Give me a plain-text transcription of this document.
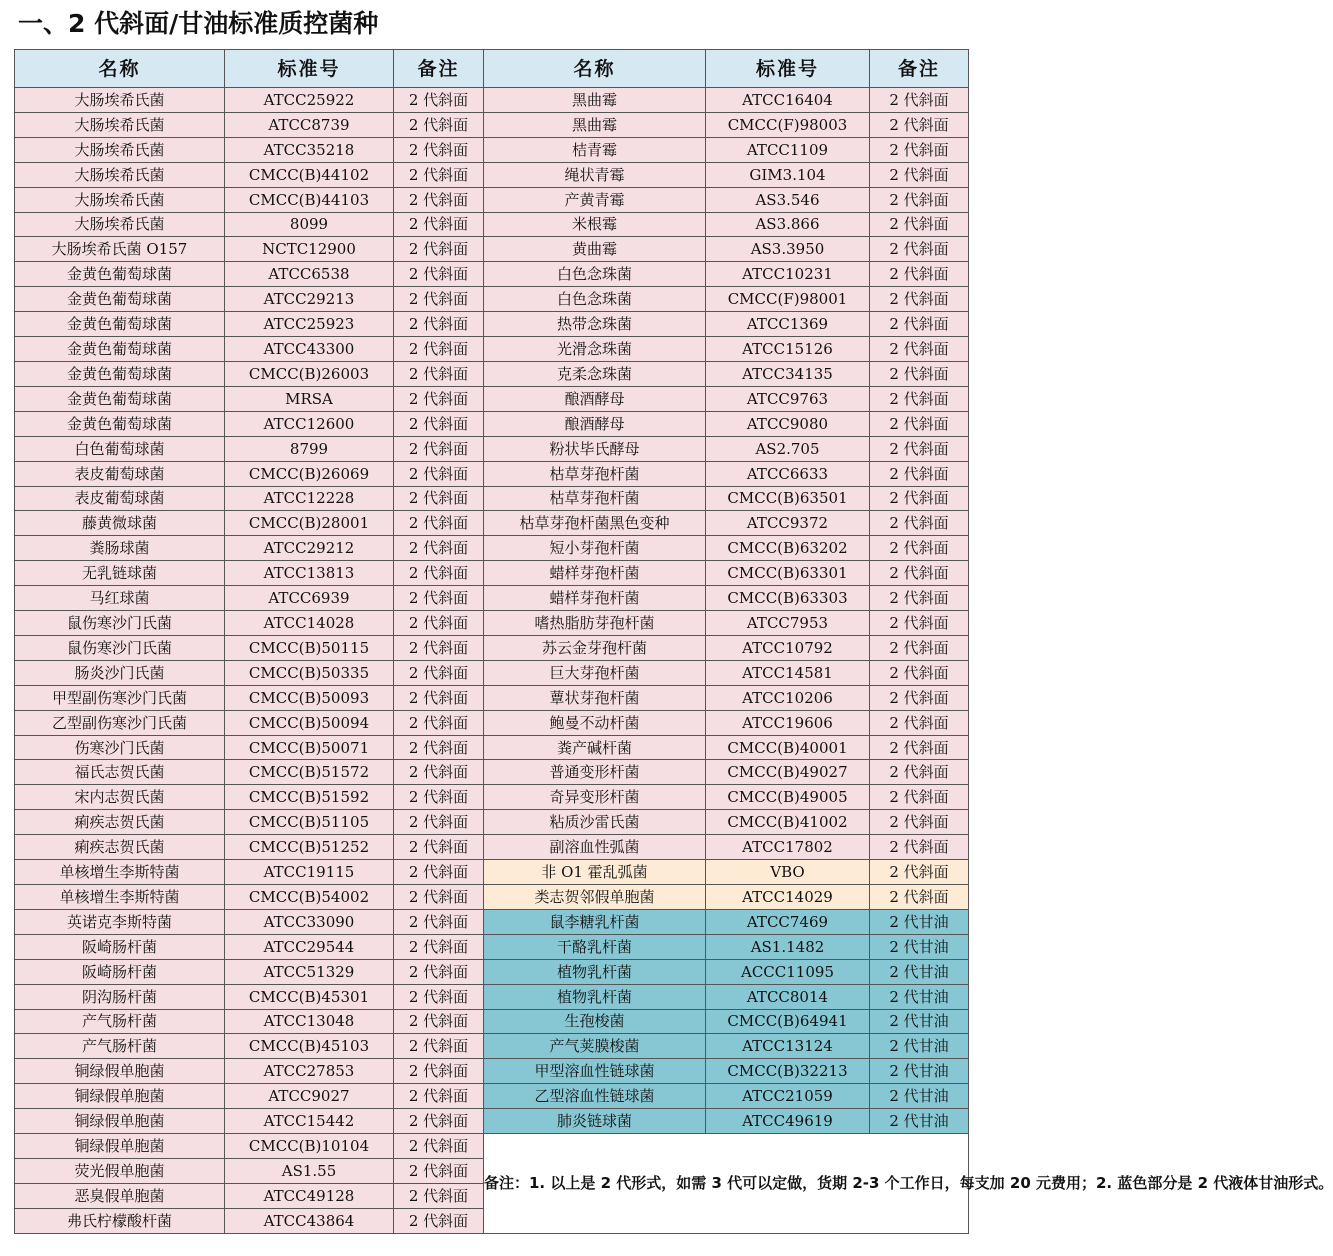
一、2 代斜面/甘油标准质控菌种
名称	标准号	备注	名称	标准号	备注
大肠埃希氏菌	ATCC25922	2 代斜面	黑曲霉	ATCC16404	2 代斜面
大肠埃希氏菌	ATCC8739	2 代斜面	黑曲霉	CMCC(F)98003	2 代斜面
大肠埃希氏菌	ATCC35218	2 代斜面	桔青霉	ATCC1109	2 代斜面
大肠埃希氏菌	CMCC(B)44102	2 代斜面	绳状青霉	GIM3.104	2 代斜面
大肠埃希氏菌	CMCC(B)44103	2 代斜面	产黄青霉	AS3.546	2 代斜面
大肠埃希氏菌	8099	2 代斜面	米根霉	AS3.866	2 代斜面
大肠埃希氏菌 O157	NCTC12900	2 代斜面	黄曲霉	AS3.3950	2 代斜面
金黄色葡萄球菌	ATCC6538	2 代斜面	白色念珠菌	ATCC10231	2 代斜面
金黄色葡萄球菌	ATCC29213	2 代斜面	白色念珠菌	CMCC(F)98001	2 代斜面
金黄色葡萄球菌	ATCC25923	2 代斜面	热带念珠菌	ATCC1369	2 代斜面
金黄色葡萄球菌	ATCC43300	2 代斜面	光滑念珠菌	ATCC15126	2 代斜面
金黄色葡萄球菌	CMCC(B)26003	2 代斜面	克柔念珠菌	ATCC34135	2 代斜面
金黄色葡萄球菌	MRSA	2 代斜面	酿酒酵母	ATCC9763	2 代斜面
金黄色葡萄球菌	ATCC12600	2 代斜面	酿酒酵母	ATCC9080	2 代斜面
白色葡萄球菌	8799	2 代斜面	粉状毕氏酵母	AS2.705	2 代斜面
表皮葡萄球菌	CMCC(B)26069	2 代斜面	枯草芽孢杆菌	ATCC6633	2 代斜面
表皮葡萄球菌	ATCC12228	2 代斜面	枯草芽孢杆菌	CMCC(B)63501	2 代斜面
藤黄微球菌	CMCC(B)28001	2 代斜面	枯草芽孢杆菌黑色变种	ATCC9372	2 代斜面
粪肠球菌	ATCC29212	2 代斜面	短小芽孢杆菌	CMCC(B)63202	2 代斜面
无乳链球菌	ATCC13813	2 代斜面	蜡样芽孢杆菌	CMCC(B)63301	2 代斜面
马红球菌	ATCC6939	2 代斜面	蜡样芽孢杆菌	CMCC(B)63303	2 代斜面
鼠伤寒沙门氏菌	ATCC14028	2 代斜面	嗜热脂肪芽孢杆菌	ATCC7953	2 代斜面
鼠伤寒沙门氏菌	CMCC(B)50115	2 代斜面	苏云金芽孢杆菌	ATCC10792	2 代斜面
肠炎沙门氏菌	CMCC(B)50335	2 代斜面	巨大芽孢杆菌	ATCC14581	2 代斜面
甲型副伤寒沙门氏菌	CMCC(B)50093	2 代斜面	蕈状芽孢杆菌	ATCC10206	2 代斜面
乙型副伤寒沙门氏菌	CMCC(B)50094	2 代斜面	鲍曼不动杆菌	ATCC19606	2 代斜面
伤寒沙门氏菌	CMCC(B)50071	2 代斜面	粪产碱杆菌	CMCC(B)40001	2 代斜面
福氏志贺氏菌	CMCC(B)51572	2 代斜面	普通变形杆菌	CMCC(B)49027	2 代斜面
宋内志贺氏菌	CMCC(B)51592	2 代斜面	奇异变形杆菌	CMCC(B)49005	2 代斜面
痢疾志贺氏菌	CMCC(B)51105	2 代斜面	粘质沙雷氏菌	CMCC(B)41002	2 代斜面
痢疾志贺氏菌	CMCC(B)51252	2 代斜面	副溶血性弧菌	ATCC17802	2 代斜面
单核增生李斯特菌	ATCC19115	2 代斜面	非 O1 霍乱弧菌	VBO	2 代斜面
单核增生李斯特菌	CMCC(B)54002	2 代斜面	类志贺邻假单胞菌	ATCC14029	2 代斜面
英诺克李斯特菌	ATCC33090	2 代斜面	鼠李糖乳杆菌	ATCC7469	2 代甘油
阪崎肠杆菌	ATCC29544	2 代斜面	干酪乳杆菌	AS1.1482	2 代甘油
阪崎肠杆菌	ATCC51329	2 代斜面	植物乳杆菌	ACCC11095	2 代甘油
阴沟肠杆菌	CMCC(B)45301	2 代斜面	植物乳杆菌	ATCC8014	2 代甘油
产气肠杆菌	ATCC13048	2 代斜面	生孢梭菌	CMCC(B)64941	2 代甘油
产气肠杆菌	CMCC(B)45103	2 代斜面	产气荚膜梭菌	ATCC13124	2 代甘油
铜绿假单胞菌	ATCC27853	2 代斜面	甲型溶血性链球菌	CMCC(B)32213	2 代甘油
铜绿假单胞菌	ATCC9027	2 代斜面	乙型溶血性链球菌	ATCC21059	2 代甘油
铜绿假单胞菌	ATCC15442	2 代斜面	肺炎链球菌	ATCC49619	2 代甘油
铜绿假单胞菌	CMCC(B)10104	2 代斜面	备注：1. 以上是 2 代形式，如需 3 代可以定做，货期 2-3 个工作日，每支加 20 元费用；2. 蓝色部分是 2 代液体甘油形式。		
荧光假单胞菌	AS1.55	2 代斜面			
恶臭假单胞菌	ATCC49128	2 代斜面			
弗氏柠檬酸杆菌	ATCC43864	2 代斜面			
